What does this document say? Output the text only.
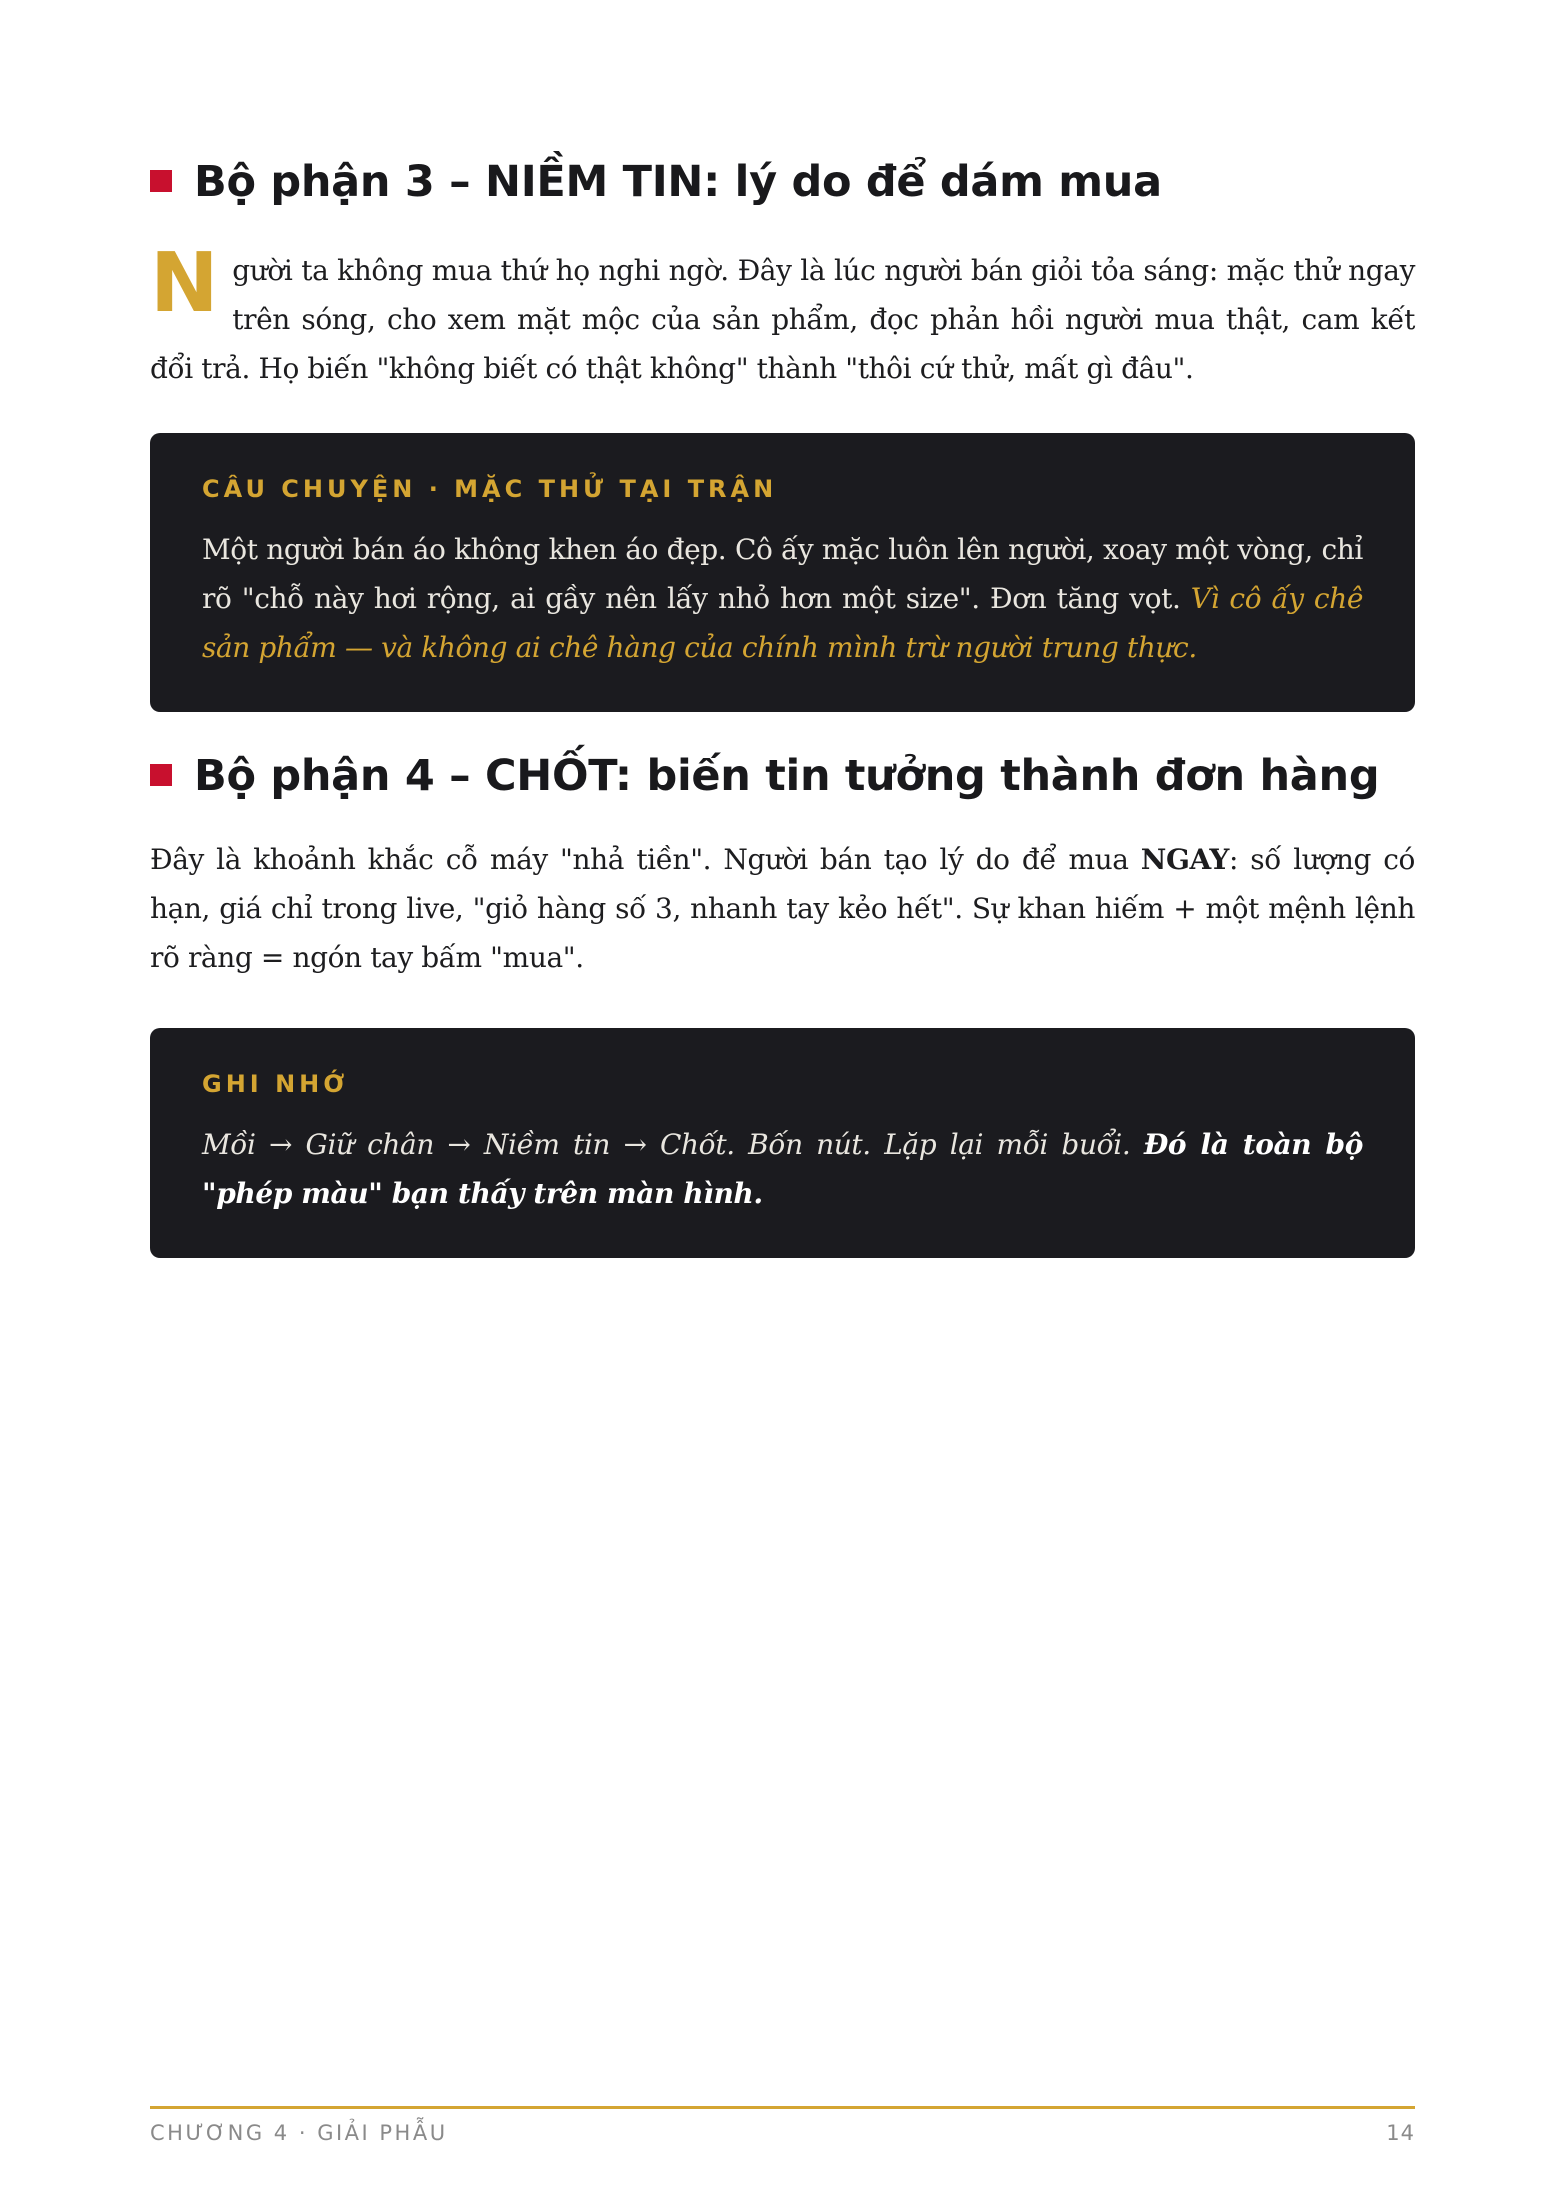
Bộ phận 3 – NIỀM TIN: lý do để dám mua

Người ta không mua thứ họ nghi ngờ. Đây là lúc người bán giỏi tỏa sáng: mặc thử ngay trên sóng, cho xem mặt mộc của sản phẩm, đọc phản hồi người mua thật, cam kết đổi trả. Họ biến "không biết có thật không" thành "thôi cứ thử, mất gì đâu".

CÂU CHUYỆN · MẶC THỬ TẠI TRẬN

Một người bán áo không khen áo đẹp. Cô ấy mặc luôn lên người, xoay một vòng, chỉ rõ "chỗ này hơi rộng, ai gầy nên lấy nhỏ hơn một size". Đơn tăng vọt. Vì cô ấy chê sản phẩm — và không ai chê hàng của chính mình trừ người trung thực.

Bộ phận 4 – CHỐT: biến tin tưởng thành đơn hàng

Đây là khoảnh khắc cỗ máy "nhả tiền". Người bán tạo lý do để mua NGAY: số lượng có hạn, giá chỉ trong live, "giỏ hàng số 3, nhanh tay kẻo hết". Sự khan hiếm + một mệnh lệnh rõ ràng = ngón tay bấm "mua".

GHI NHỚ

Mồi → Giữ chân → Niềm tin → Chốt. Bốn nút. Lặp lại mỗi buổi. Đó là toàn bộ "phép màu" bạn thấy trên màn hình.

CHƯƠNG 4 · GIẢI PHẪU	14
